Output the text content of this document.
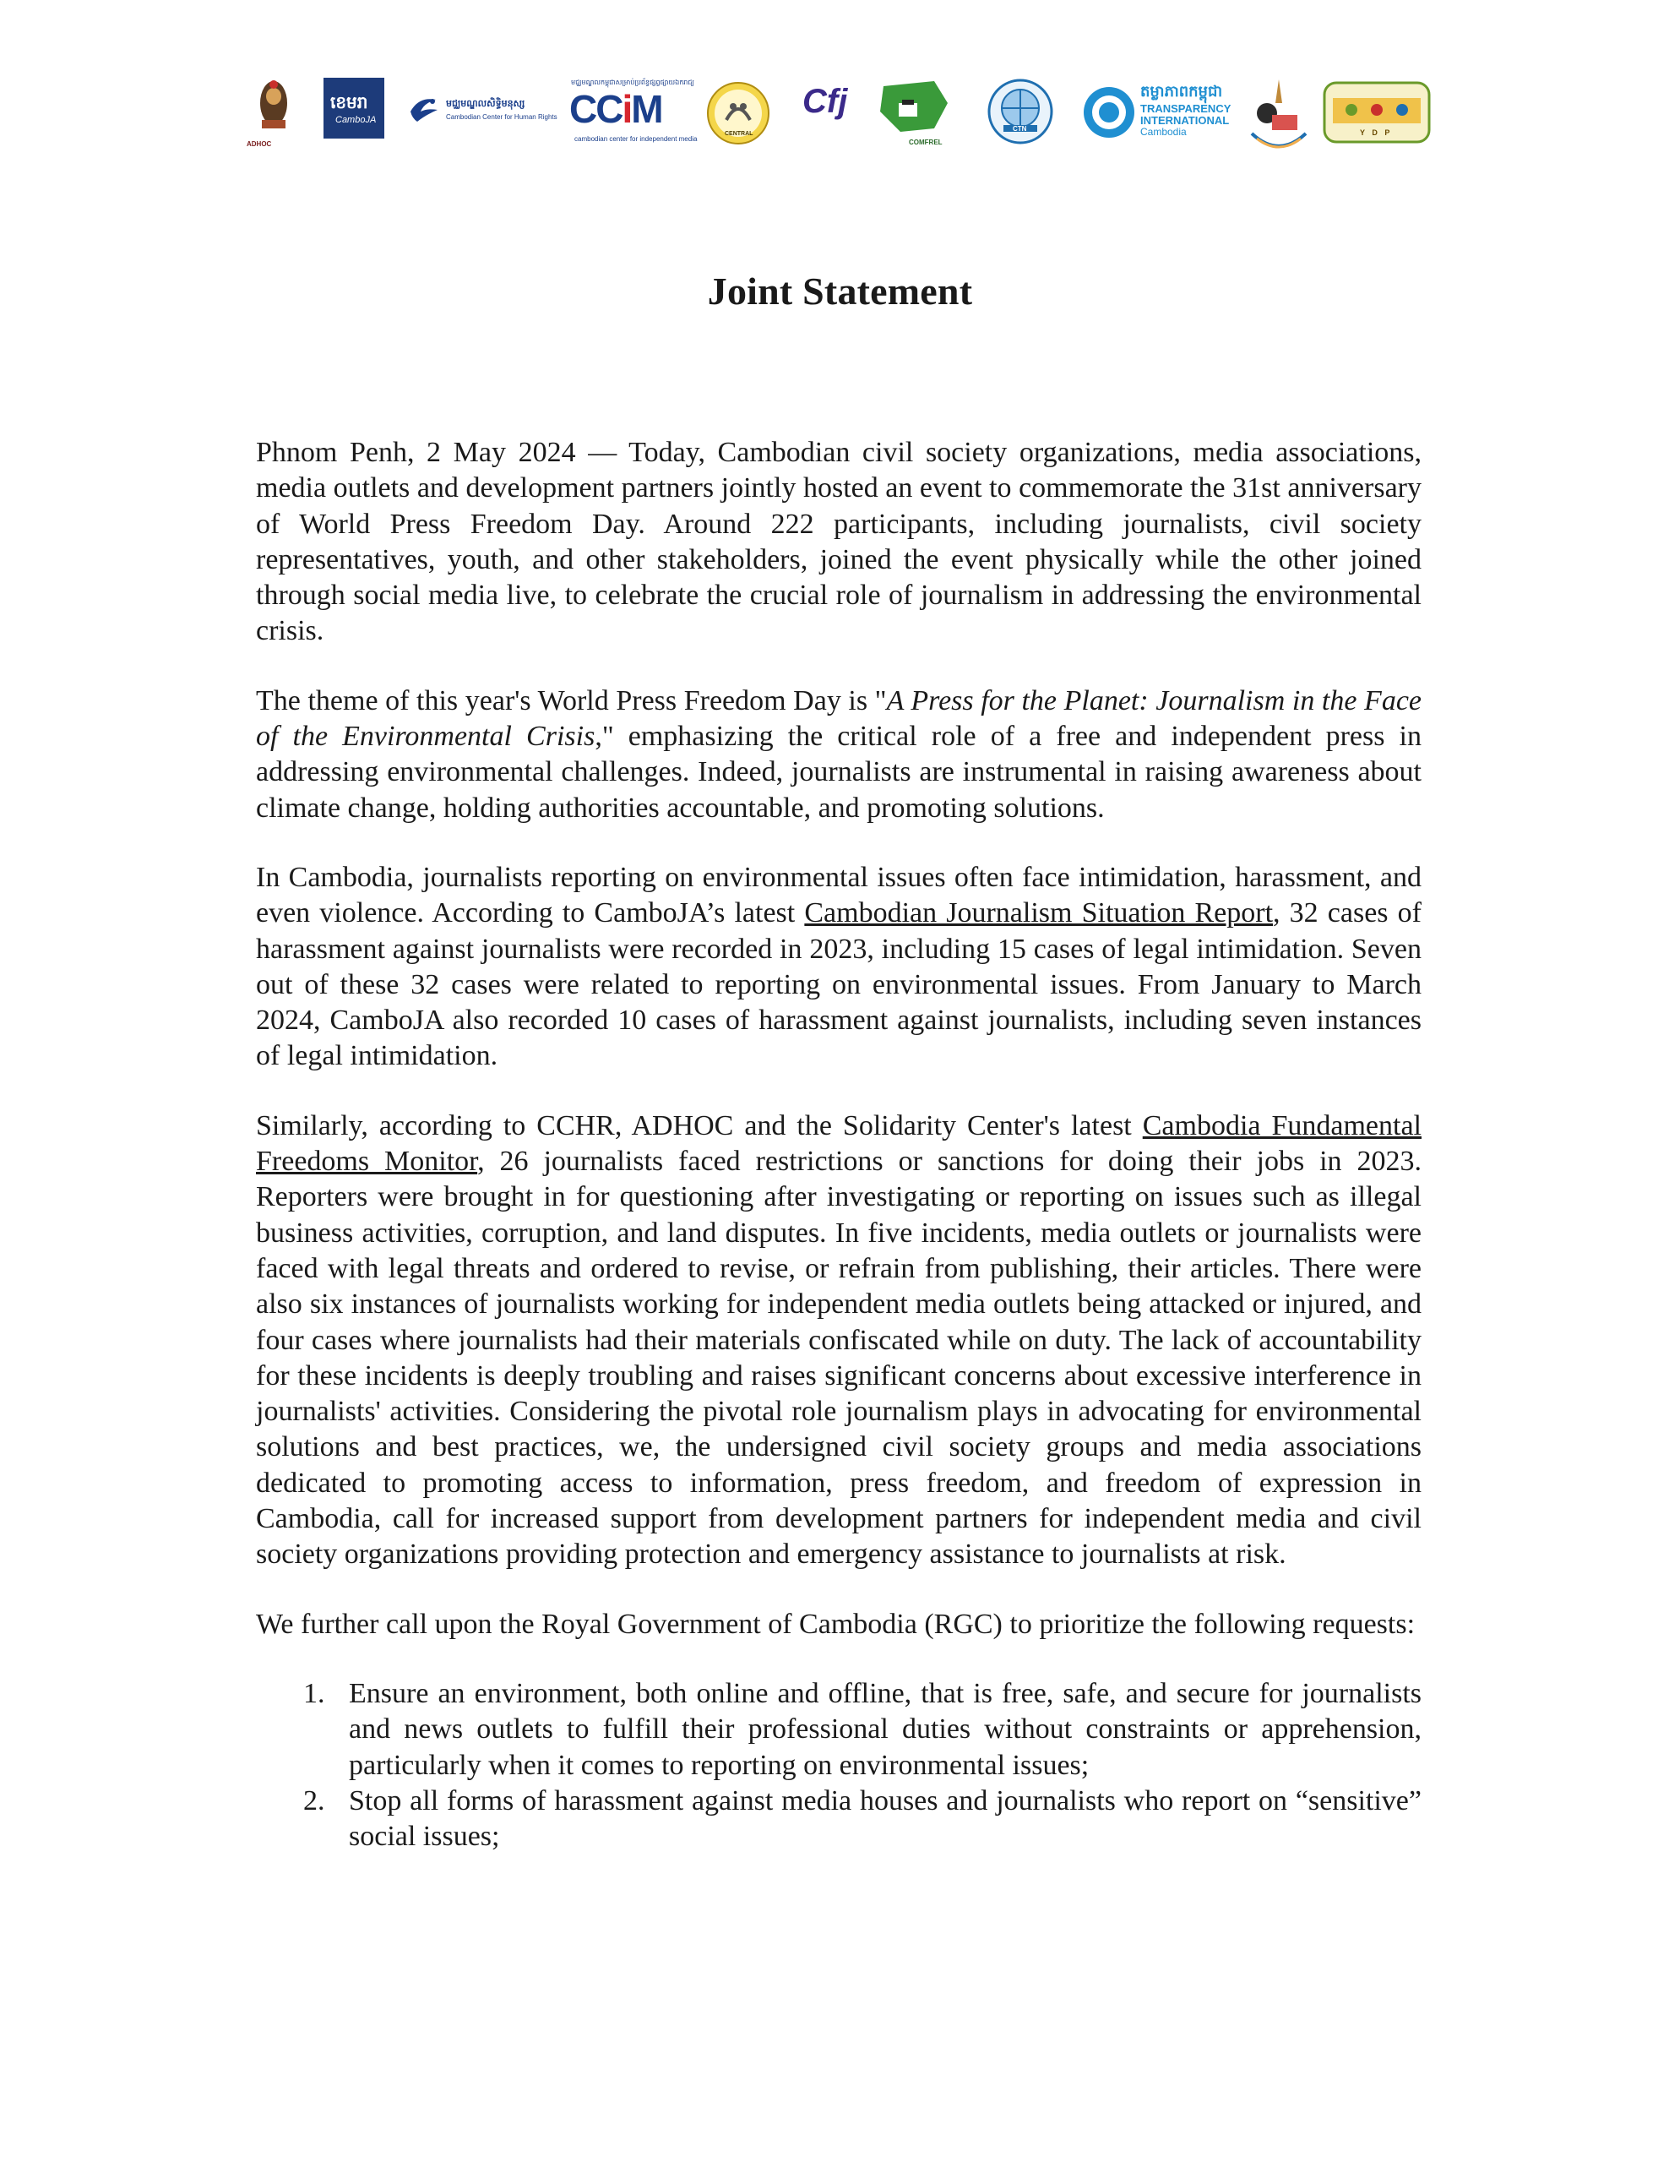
ADHOC
ខេមរា
CamboJA
ម​ជ្ឈ​មណ្ឌល​សិទ្ធិ​មនុស្ស
Cambodian Center for Human Rights
មជ្ឈមណ្ឌលកម្ពុជាសម្រាប់ប្រព័ន្ធផ្សព្វផ្សាយឯករាជ្យ
CCiM
cambodian center for independent media
CENTRAL
Cfj
COMFREL
CTN
តម្លាភាពកម្ពុជា
TRANSPARENCY
INTERNATIONAL
Cambodia	Y D P
Joint Statement

Phnom Penh, 2 May 2024 — Today, Cambodian civil society organizations, media associations, media outlets and development partners jointly hosted an event to commemorate the 31st anniversary of World Press Freedom Day. Around 222 participants, including journalists, civil society representatives, youth, and other stakeholders, joined the event physically while the other joined through social media live, to celebrate the crucial role of journalism in addressing the environmental crisis.

The theme of this year's World Press Freedom Day is "A Press for the Planet: Journalism in the Face of the Environmental Crisis," emphasizing the critical role of a free and independent press in addressing environmental challenges. Indeed, journalists are instrumental in raising awareness about climate change, holding authorities accountable, and promoting solutions.

In Cambodia, journalists reporting on environmental issues often face intimidation, harassment, and even violence. According to CamboJA’s latest Cambodian Journalism Situation Report, 32 cases of harassment against journalists were recorded in 2023, including 15 cases of legal intimidation. Seven out of these 32 cases were related to reporting on environmental issues. From January to March 2024, CamboJA also recorded 10 cases of harassment against journalists, including seven instances of legal intimidation.

Similarly, according to CCHR, ADHOC and the Solidarity Center's latest Cambodia Fundamental Freedoms Monitor, 26 journalists faced restrictions or sanctions for doing their jobs in 2023. Reporters were brought in for questioning after investigating or reporting on issues such as illegal business activities, corruption, and land disputes. In five incidents, media outlets or journalists were faced with legal threats and ordered to revise, or refrain from publishing, their articles. There were also six instances of journalists working for independent media outlets being attacked or injured, and four cases where journalists had their materials confiscated while on duty. The lack of accountability for these incidents is deeply troubling and raises significant concerns about excessive interference in journalists' activities. Considering the pivotal role journalism plays in advocating for environmental solutions and best practices, we, the undersigned civil society groups and media associations dedicated to promoting access to information, press freedom, and freedom of expression in Cambodia, call for increased support from development partners for independent media and civil society organizations providing protection and emergency assistance to journalists at risk.

We further call upon the Royal Government of Cambodia (RGC) to prioritize the following requests:

1. Ensure an environment, both online and offline, that is free, safe, and secure for journalists and news outlets to fulfill their professional duties without constraints or apprehension, particularly when it comes to reporting on environmental issues;
2. Stop all forms of harassment against media houses and journalists who report on “sensitive” social issues;
